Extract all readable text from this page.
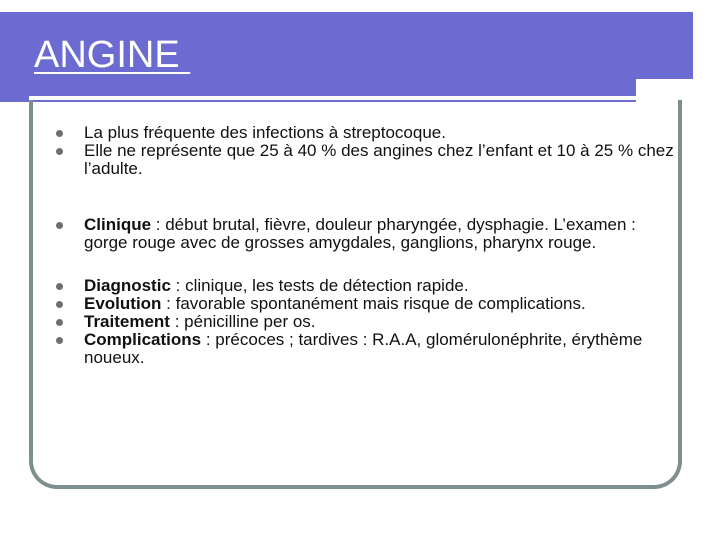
ANGINE
La plus fréquente des infections à streptocoque.
Elle ne représente que 25 à 40 % des angines chez l’enfant et 10 à 25 % chez l’adulte.
Clinique : début brutal, fièvre, douleur pharyngée, dysphagie. L’examen : gorge rouge avec de grosses amygdales, ganglions, pharynx rouge.
Diagnostic : clinique, les tests de détection rapide.
Evolution : favorable spontanément mais risque de complications.
Traitement : pénicilline per os.
Complications : précoces ; tardives : R.A.A, glomérulonéphrite, érythème noueux.
